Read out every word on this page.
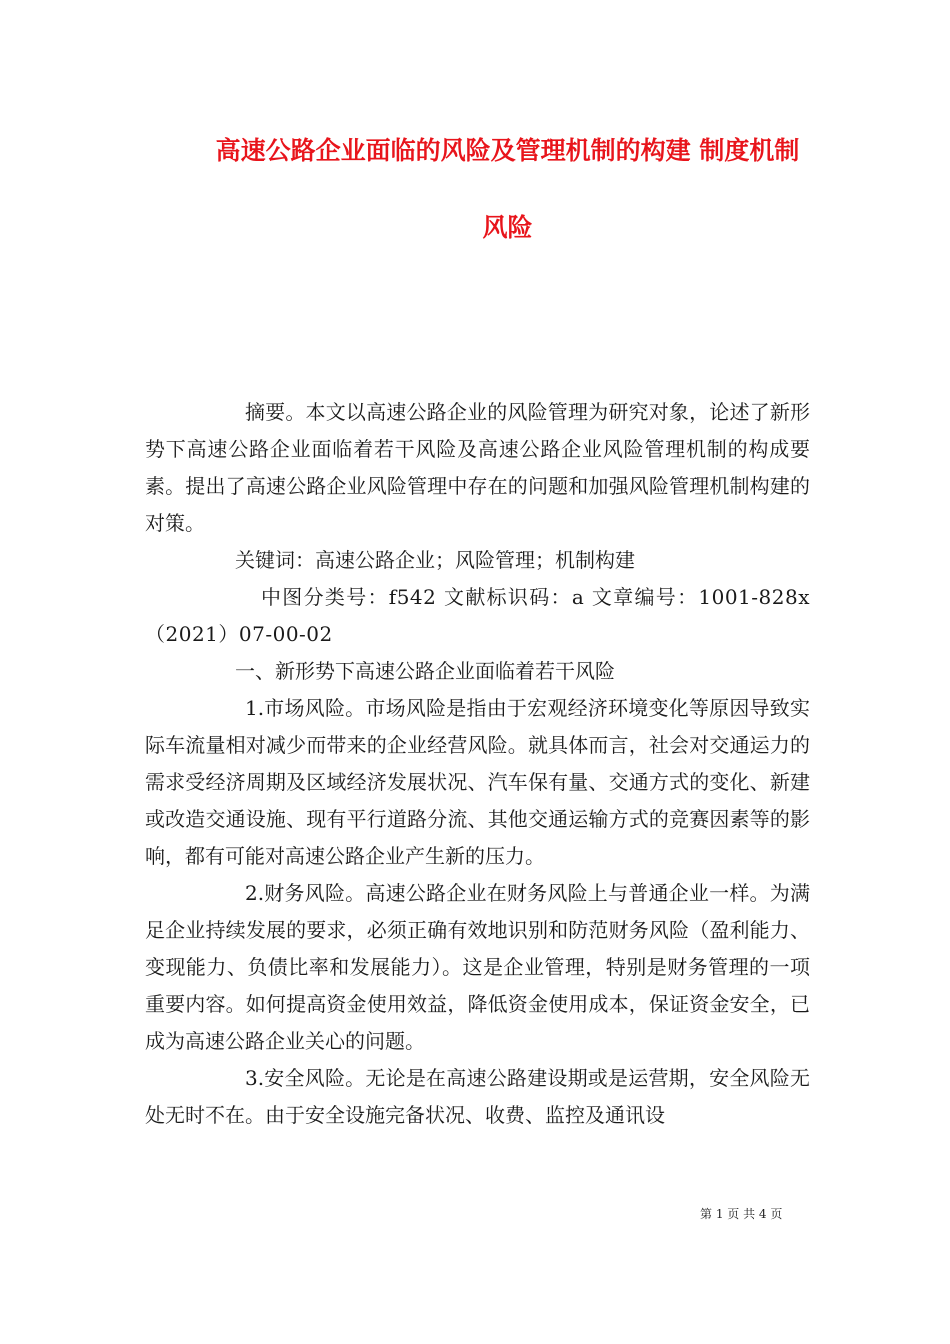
高速公路企业面临的风险及管理机制的构建 制度机制
风险

摘要。本文以高速公路企业的风险管理为研究对象，论述了新形势下高速公路企业面临着若干风险及高速公路企业风险管理机制的构成要素。提出了高速公路企业风险管理中存在的问题和加强风险管理机制构建的对策。

关键词：高速公路企业；风险管理；机制构建

中图分类号：f542 文献标识码：a 文章编号：1001-828x（2021）07-00-02

一、新形势下高速公路企业面临着若干风险

1.市场风险。市场风险是指由于宏观经济环境变化等原因导致实际车流量相对减少而带来的企业经营风险。就具体而言，社会对交通运力的需求受经济周期及区域经济发展状况、汽车保有量、交通方式的变化、新建或改造交通设施、现有平行道路分流、其他交通运输方式的竞赛因素等的影响，都有可能对高速公路企业产生新的压力。

2.财务风险。高速公路企业在财务风险上与普通企业一样。为满足企业持续发展的要求，必须正确有效地识别和防范财务风险（盈利能力、变现能力、负债比率和发展能力）。这是企业管理，特别是财务管理的一项重要内容。如何提高资金使用效益，降低资金使用成本，保证资金安全，已成为高速公路企业关心的问题。

3.安全风险。无论是在高速公路建设期或是运营期，安全风险无处无时不在。由于安全设施完备状况、收费、监控及通讯设

第 1 页 共 4 页
